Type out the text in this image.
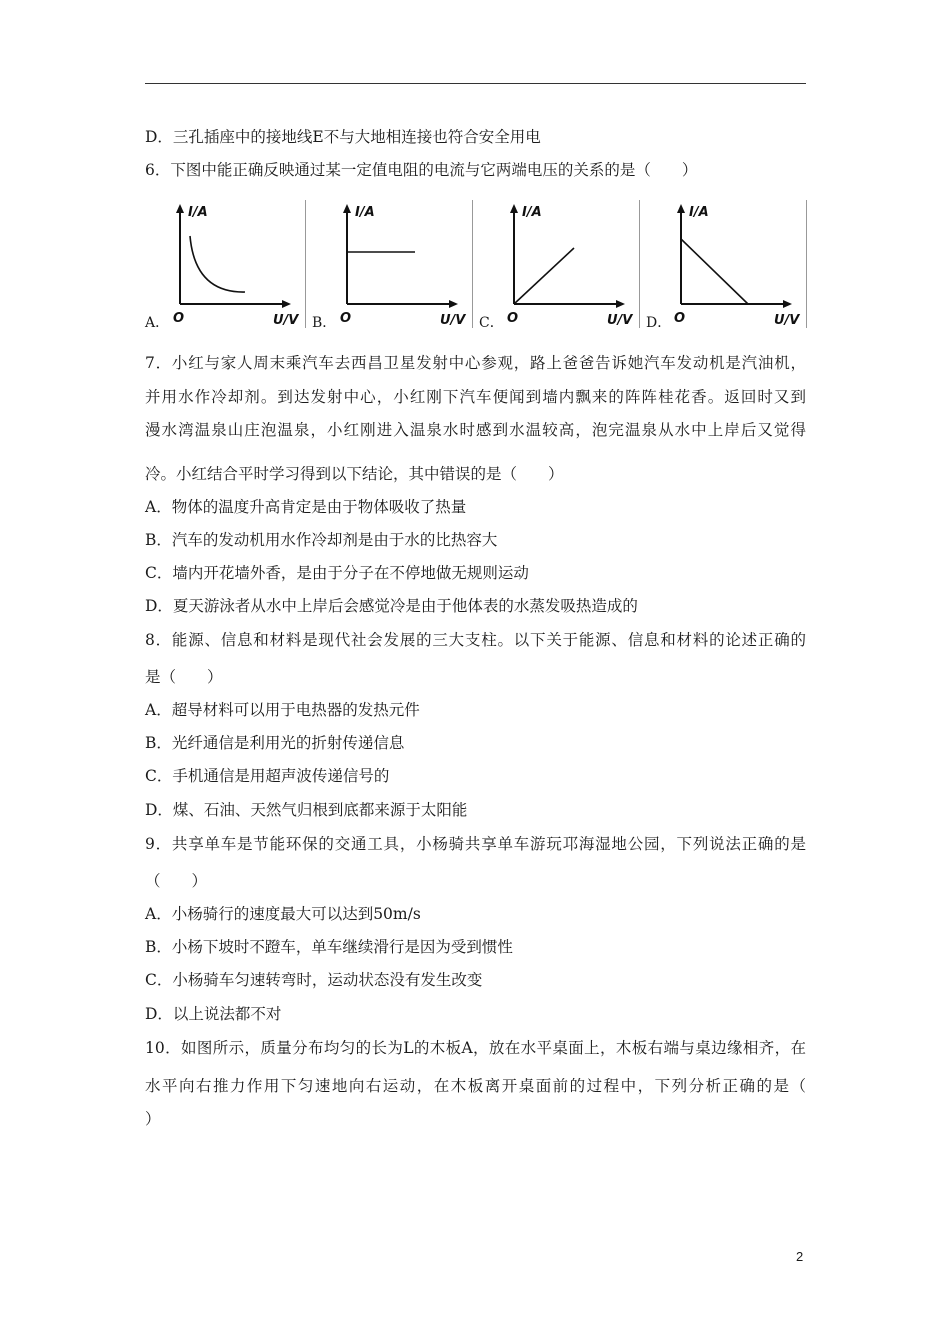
D．三孔插座中的接地线E不与大地相连接也符合安全用电
6．下图中能正确反映通过某一定值电阻的电流与它两端电压的关系的是（　　）
A．
I/A
O	U/V B．
I/A
O	U/V C．
I/A
O	U/V D．
I/A
O	U/V
7．小红与家人周末乘汽车去西昌卫星发射中心参观，路上爸爸告诉她汽车发动机是汽油机，
并用水作冷却剂。到达发射中心，小红刚下汽车便闻到墙内飘来的阵阵桂花香。返回时又到
漫水湾温泉山庄泡温泉，小红刚进入温泉水时感到水温较高，泡完温泉从水中上岸后又觉得
冷。小红结合平时学习得到以下结论，其中错误的是（　　）
A．物体的温度升高肯定是由于物体吸收了热量
B．汽车的发动机用水作冷却剂是由于水的比热容大
C．墙内开花墙外香，是由于分子在不停地做无规则运动
D．夏天游泳者从水中上岸后会感觉冷是由于他体表的水蒸发吸热造成的
8．能源、信息和材料是现代社会发展的三大支柱。以下关于能源、信息和材料的论述正确的
是（　　）
A．超导材料可以用于电热器的发热元件
B．光纤通信是利用光的折射传递信息
C．手机通信是用超声波传递信号的
D．煤、石油、天然气归根到底都来源于太阳能
9．共享单车是节能环保的交通工具，小杨骑共享单车游玩邛海湿地公园，下列说法正确的是
（　　）
A．小杨骑行的速度最大可以达到50m/s
B．小杨下坡时不蹬车，单车继续滑行是因为受到惯性
C．小杨骑车匀速转弯时，运动状态没有发生改变
D．以上说法都不对
10．如图所示，质量分布均匀的长为L的木板A，放在水平桌面上，木板右端与桌边缘相齐，在
水平向右推力作用下匀速地向右运动，在木板离开桌面前的过程中，下列分析正确的是（
）
2
